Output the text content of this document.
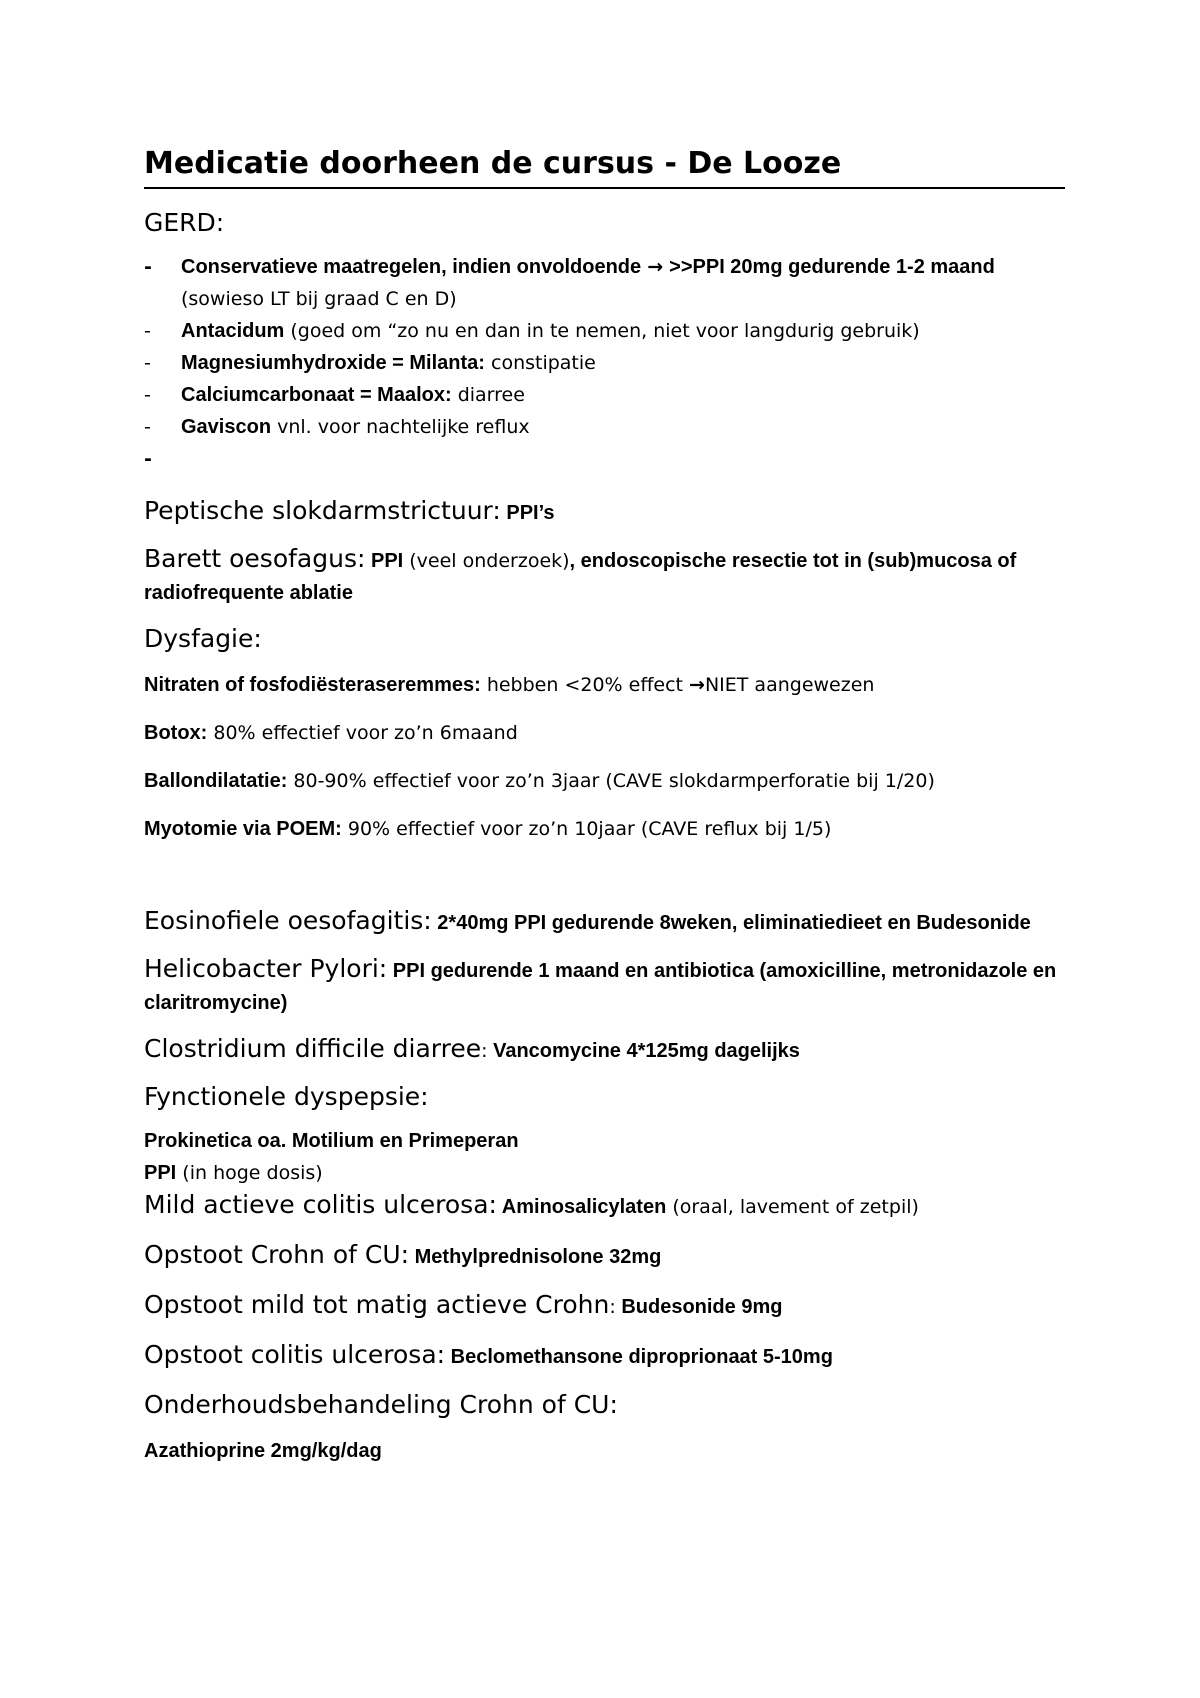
Medicatie doorheen de cursus - De Looze

GERD:

- Conservatieve maatregelen, indien onvoldoende → >>PPI 20mg gedurende 1-2 maand
(sowieso LT bij graad C en D)
- Antacidum (goed om “zo nu en dan in te nemen, niet voor langdurig gebruik)
- Magnesiumhydroxide = Milanta: constipatie
- Calciumcarbonaat = Maalox: diarree
- Gaviscon vnl. voor nachtelijke reflux
-

Peptische slokdarmstrictuur: PPI’s

Barett oesofagus: PPI (veel onderzoek), endoscopische resectie tot in (sub)mucosa of radiofrequente ablatie

Dysfagie:

Nitraten of fosfodiësteraseremmes: hebben <20% effect →NIET aangewezen

Botox: 80% effectief voor zo’n 6maand

Ballondilatatie: 80-90% effectief voor zo’n 3jaar (CAVE slokdarmperforatie bij 1/20)

Myotomie via POEM: 90% effectief voor zo’n 10jaar (CAVE reflux bij 1/5)

Eosinofiele oesofagitis: 2*40mg PPI gedurende 8weken, eliminatiedieet en Budesonide

Helicobacter Pylori: PPI gedurende 1 maand en antibiotica (amoxicilline, metronidazole en claritromycine)

Clostridium difficile diarree: Vancomycine 4*125mg dagelijks

Fynctionele dyspepsie:

Prokinetica oa. Motilium en Primeperan

PPI (in hoge dosis)

Mild actieve colitis ulcerosa: Aminosalicylaten (oraal, lavement of zetpil)

Opstoot Crohn of CU: Methylprednisolone 32mg

Opstoot mild tot matig actieve Crohn: Budesonide 9mg

Opstoot colitis ulcerosa: Beclomethansone diproprionaat 5-10mg

Onderhoudsbehandeling Crohn of CU:

Azathioprine 2mg/kg/dag
